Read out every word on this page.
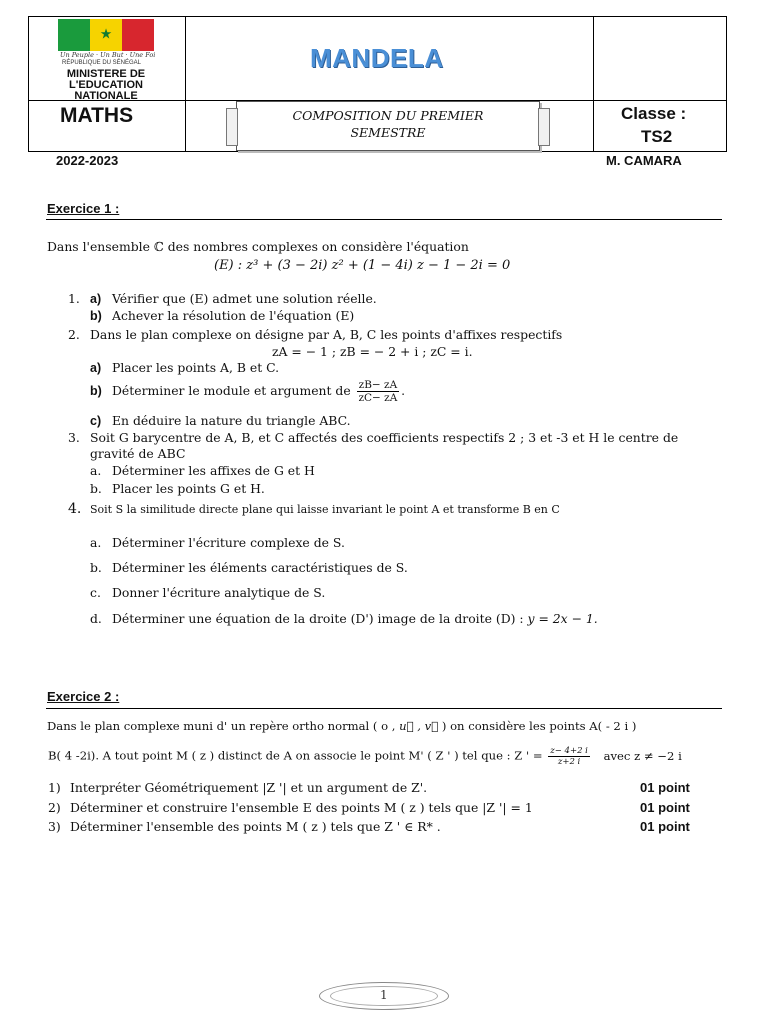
★
Un Peuple · Un But · Une Foi
RÉPUBLIQUE DU SÉNÉGAL
MINISTERE DE
L'EDUCATION
NATIONALE
MANDELA
MATHS	COMPOSITION DU PREMIER
SEMESTRE
Classe :
TS2
2022-2023	M. CAMARA
Exercice 1 :
Dans l'ensemble ℂ des nombres complexes on considère l'équation
(E) : z³ + (3 − 2i) z² + (1 − 4i) z − 1 − 2i = 0
1. a) Vérifier que (E) admet une solution réelle.
b) Achever la résolution de l'équation (E)
2. Dans le plan complexe on désigne par A, B, C les points d'affixes respectifs
zA = − 1 ; zB = − 2 + i ; zC = i.
a) Placer les points A, B et C.
b) Déterminer le module et argument de $\frac{zB- zA}{zC- zA}$ .
c) En déduire la nature du triangle ABC.
3. Soit G barycentre de A, B, et C affectés des coefficients respectifs 2 ; 3 et -3 et H le centre de
gravité de ABC
a. Déterminer les affixes de G et H
b. Placer les points G et H.
4. Soit S la similitude directe plane qui laisse invariant le point A et transforme B en C
a. Déterminer l'écriture complexe de S.
b. Déterminer les éléments caractéristiques de S.
c. Donner l'écriture analytique de S.
d. Déterminer une équation de la droite (D') image de la droite (D) : y = 2x − 1.
Exercice 2 :
Dans le plan complexe muni d' un repère ortho normal ( o , u⃗ , v⃗ ) on considère les points A( - 2 i )
B( 4 -2i). A tout point M ( z ) distinct de A on associe le point M' ( Z ' ) tel que : Z ' = $\frac{z- 4+2 i}{z+2 i}$ avec z ≠ −2 i
1) Interpréter Géométriquement |Z '| et un argument de Z'.	01 point
2) Déterminer et construire l'ensemble E des points M ( z ) tels que |Z '| = 1	01 point
3) Déterminer l'ensemble des points M ( z ) tels que Z ' ∈ R* .	01 point
1
